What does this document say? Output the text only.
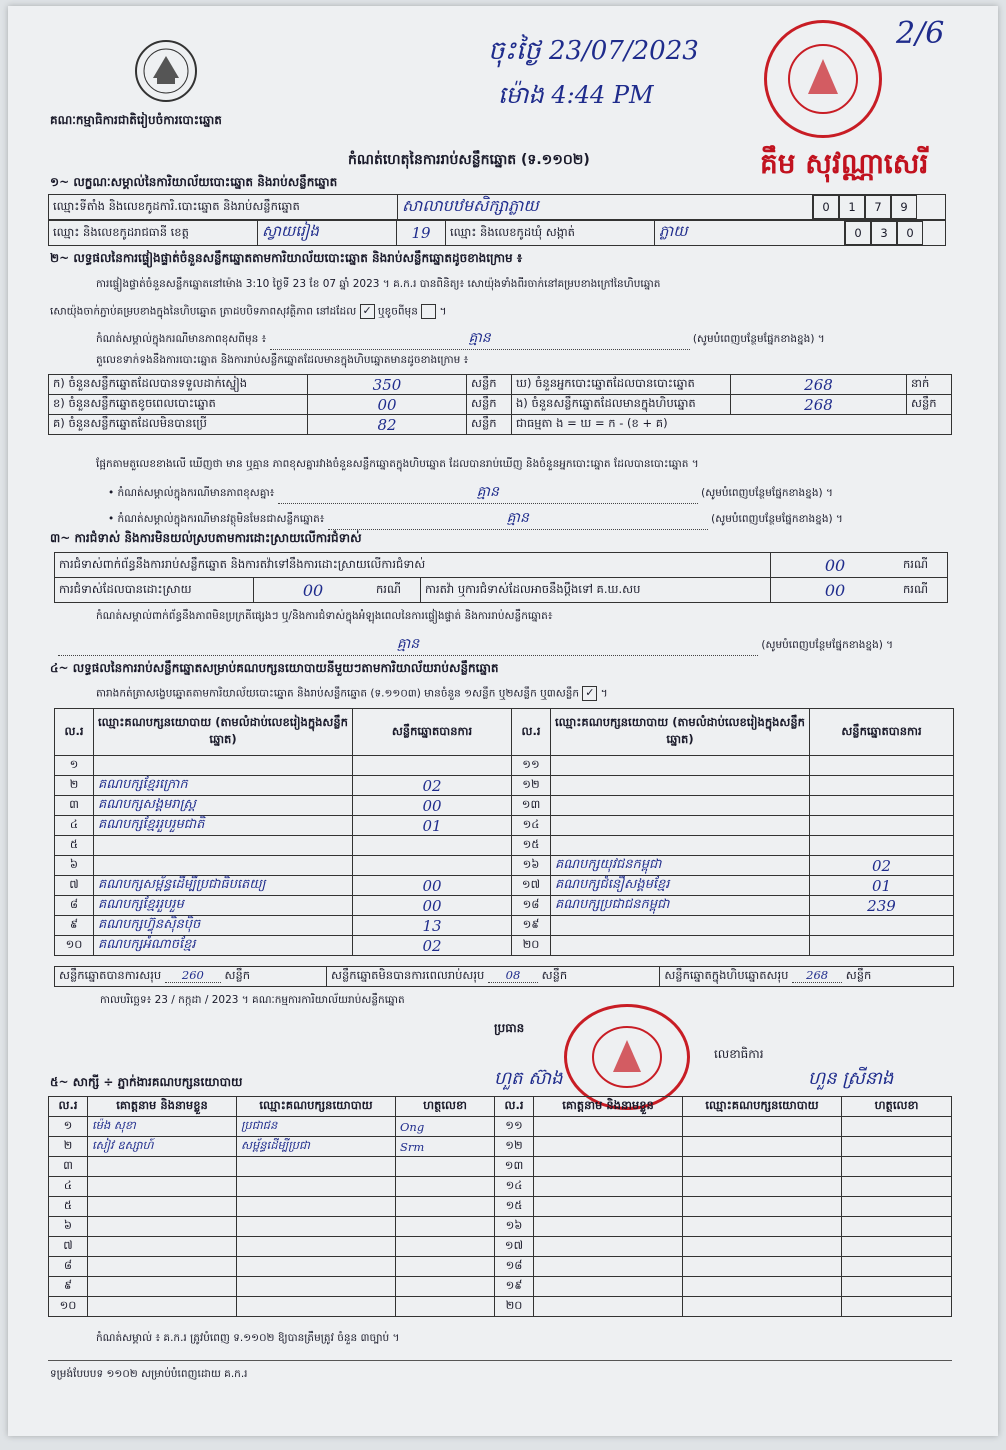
គណៈកម្មាធិការជាតិរៀបចំការបោះឆ្នោត
ចុះថ្ងៃ 23/07/2023
ម៉ោង 4:44 PM
2/6
គឹម សុវណ្ណាសេរី
កំណត់ហេតុនៃការរាប់សន្លឹកឆ្នោត (ទ.១១០២)
១~ លក្ខណៈសម្គាល់នៃការិយាល័យបោះឆ្នោត និងរាប់សន្លឹកឆ្នោត
ឈ្មោះទីតាំង និងលេខកូដការិ.បោះឆ្នោត និងរាប់សន្លឹកឆ្នោត	សាលាបឋមសិក្សាភ្លាយ	0 1 7 9
ឈ្មោះ និងលេខកូដរាជធានី ខេត្ត	ស្វាយរៀង	19	ឈ្មោះ និងលេខកូដឃុំ សង្កាត់	ភ្លាយ	0 3 0
២~ លទ្ធផលនៃការផ្ទៀងផ្ទាត់ចំនួនសន្លឹកឆ្នោតតាមការិយាល័យបោះឆ្នោត និងរាប់សន្លឹកឆ្នោតដូចខាងក្រោម ៖
ការផ្ទៀងផ្ទាត់ចំនួនសន្លឹកឆ្នោតនៅម៉ោង 3:10 ថ្ងៃទី 23 ខែ 07 ឆ្នាំ 2023 ។ គ.ក.រ បានពិនិត្យ៖ សោយ៉ុងទាំងពីរចាក់នៅគម្របខាងក្រៅនៃហិបឆ្នោត
សោយ៉ុងចាក់ភ្ជាប់គម្របខាងក្នុងនៃហិបឆ្នោត ត្រាដបបិទភាពសុវត្ថិភាព នៅដដែល ✓ ឬខូចពីមុន  ។
កំណត់សម្គាល់ក្នុងករណីមានភាពខុសពីមុន ៖	គ្មាន	(សូមបំពេញបន្ថែមផ្នែកខាងខ្នង) ។
តួលេខទាក់ទងនឹងការបោះឆ្នោត និងការរាប់សន្លឹកឆ្នោតដែលមានក្នុងហិបឆ្នោតមានដូចខាងក្រោម ៖
ក) ចំនួនសន្លឹកឆ្នោតដែលបានទទួលដាក់ស្នៀង	350	សន្លឹក	ឃ) ចំនួនអ្នកបោះឆ្នោតដែលបានបោះឆ្នោត	268	នាក់
ខ) ចំនួនសន្លឹកឆ្នោតខូចពេលបោះឆ្នោត	00	សន្លឹក	ង) ចំនួនសន្លឹកឆ្នោតដែលមានក្នុងហិបឆ្នោត	268	សន្លឹក
គ) ចំនួនសន្លឹកឆ្នោតដែលមិនបានប្រើ	82	សន្លឹក	ជាធម្មតា ង = ឃ = ក - (ខ + គ)		
ផ្អែកតាមតួលេខខាងលើ ឃើញថា មាន ឬគ្មាន ភាពខុសគ្នារវាងចំនួនសន្លឹកឆ្នោតក្នុងហិបឆ្នោត ដែលបានរាប់ឃើញ និងចំនួនអ្នកបោះឆ្នោត ដែលបានបោះឆ្នោត ។
• កំណត់សម្គាល់ក្នុងករណីមានភាពខុសគ្នា៖	គ្មាន	(សូមបំពេញបន្ថែមផ្នែកខាងខ្នង) ។
• កំណត់សម្គាល់ក្នុងករណីមានវត្ថុមិនមែនជាសន្លឹកឆ្នោត៖	គ្មាន	(សូមបំពេញបន្ថែមផ្នែកខាងខ្នង) ។
៣~ ការជំទាស់ និងការមិនយល់ស្របតាមការដោះស្រាយលើការជំទាស់
ការជំទាស់ពាក់ព័ន្ធនឹងការរាប់សន្លឹកឆ្នោត និងការតវ៉ាទៅនឹងការដោះស្រាយលើការជំទាស់				00	ករណី
ការជំទាស់ដែលបានដោះស្រាយ	00	ករណី	ការតវ៉ា ឬការជំទាស់ដែលអាចនឹងប្តឹងទៅ គ.ឃ.សប	00	ករណី
កំណត់សម្គាល់ពាក់ព័ន្ធនឹងភាពមិនប្រក្រតីផ្សេងៗ ឬ/និងការជំទាស់ក្នុងអំឡុងពេលនៃការផ្ទៀងផ្ទាត់ និងការរាប់សន្លឹកឆ្នោត៖
គ្មាន	(សូមបំពេញបន្ថែមផ្នែកខាងខ្នង) ។
៤~ លទ្ធផលនៃការរាប់សន្លឹកឆ្នោតសម្រាប់គណបក្សនយោបាយនីមួយៗតាមការិយាល័យរាប់សន្លឹកឆ្នោត
តារាងកត់ត្រាសង្ខេបឆ្នោតតាមការិយាល័យបោះឆ្នោត និងរាប់សន្លឹកឆ្នោត (ទ.១១០៣) មានចំនួន ១សន្លឹក ឬ២សន្លឹក ឬ៣សន្លឹក ✓ ។
ល.រ	ឈ្មោះគណបក្សនយោបាយ (តាមលំដាប់លេខរៀងក្នុងសន្លឹកឆ្នោត)	សន្លឹកឆ្នោតបានការ	ល.រ	ឈ្មោះគណបក្សនយោបាយ (តាមលំដាប់លេខរៀងក្នុងសន្លឹកឆ្នោត)	សន្លឹកឆ្នោតបានការ
១			១១		
២	គណបក្សខ្មែរក្រោក	02	១២		
៣	គណបក្សសង្គមរាស្ត្រ	00	១៣		
៤	គណបក្សខ្មែររួបរួមជាតិ	01	១៤		
៥			១៥		
៦			១៦	គណបក្សយុវជនកម្ពុជា	02
៧	គណបក្សសម្ព័ន្ធដើម្បីប្រជាធិបតេយ្យ	00	១៧	គណបក្សជំនឿសង្គមខ្មែរ	01
៨	គណបក្សខ្មែររួបរួម	00	១៨	គណបក្សប្រជាជនកម្ពុជា	239
៩	គណបក្សហ៊្វុនស៊ិនប៉ិច	13	១៩		
១០	គណបក្សអំណាចខ្មែរ	02	២០		
សន្លឹកឆ្នោតបានការសរុប 260 សន្លឹក	សន្លឹកឆ្នោតមិនបានការពេលរាប់សរុប 08 សន្លឹក	សន្លឹកឆ្នោតក្នុងហិបឆ្នោតសរុប 268 សន្លឹក
កាលបរិច្ឆេទ៖ 23 / កក្កដា / 2023 ។ គណៈកម្មការការិយាល័យរាប់សន្លឹកឆ្នោត
ប្រធាន
ហួត ស៊ាង
លេខាធិការ
ហួន ស្រីនាង
៥~ សាក្សី ÷ ភ្នាក់ងារគណបក្សនយោបាយ
ល.រ	គោត្តនាម និងនាមខ្លួន	ឈ្មោះគណបក្សនយោបាយ	ហត្ថលេខា	ល.រ	គោត្តនាម និងនាមខ្លួន	ឈ្មោះគណបក្សនយោបាយ	ហត្ថលេខា
១	ម៉េង សុខា	ប្រជាជន	Ong	១១			
២	សៀវ ឧស្សាហ៍	សម្ព័ន្ធដើម្បីប្រជា	Srm	១២			
៣				១៣			
៤				១៤			
៥				១៥			
៦				១៦			
៧				១៧			
៨				១៨			
៩				១៩			
១០				២០			
កំណត់សម្គាល់ ៖ គ.ក.រ ត្រូវបំពេញ ទ.១១០២ ឱ្យបានត្រឹមត្រូវ ចំនួន ៣ច្បាប់ ។
ទម្រង់បែបបទ ១១០២ សម្រាប់បំពេញដោយ គ.ក.រ
